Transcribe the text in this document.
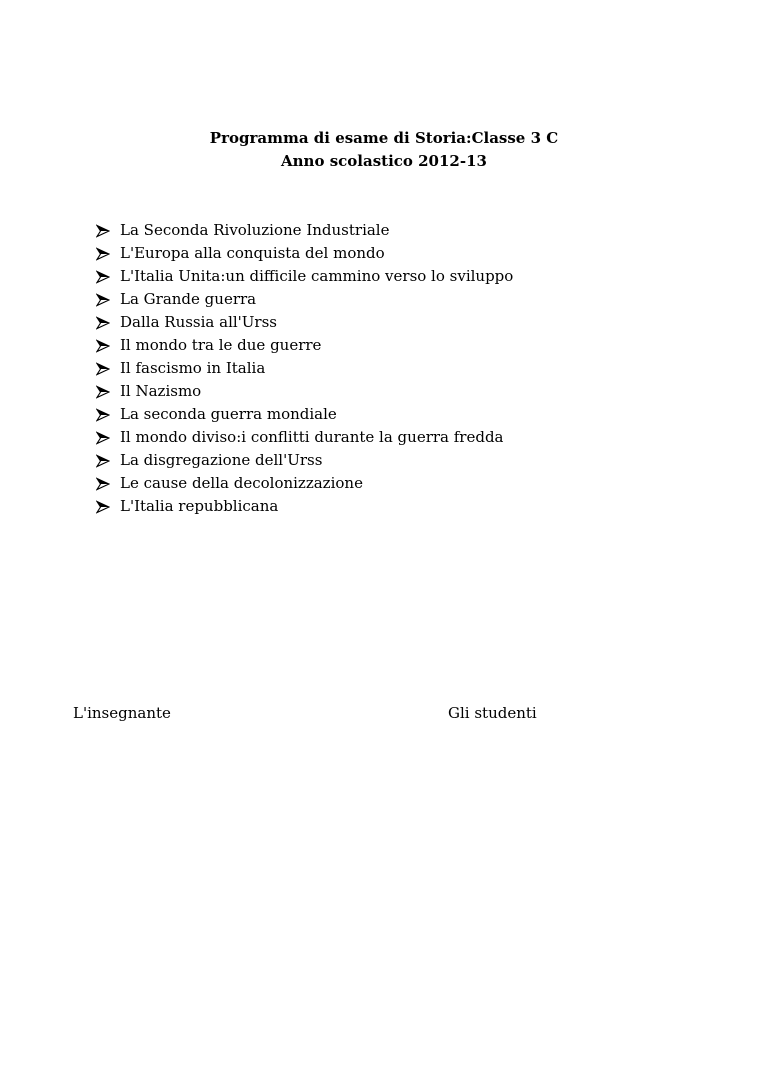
Programma di esame di Storia:Classe 3 C
Anno scolastico 2012-13
La Seconda Rivoluzione Industriale
L'Europa alla conquista del mondo
L'Italia Unita:un difficile cammino verso lo sviluppo
La Grande guerra
Dalla Russia all'Urss
Il mondo tra le due guerre
Il fascismo in Italia
Il Nazismo
La seconda guerra mondiale
Il mondo diviso:i conflitti durante la guerra fredda
La disgregazione dell'Urss
Le cause della decolonizzazione
L'Italia repubblicana
L'insegnante	Gli studenti
